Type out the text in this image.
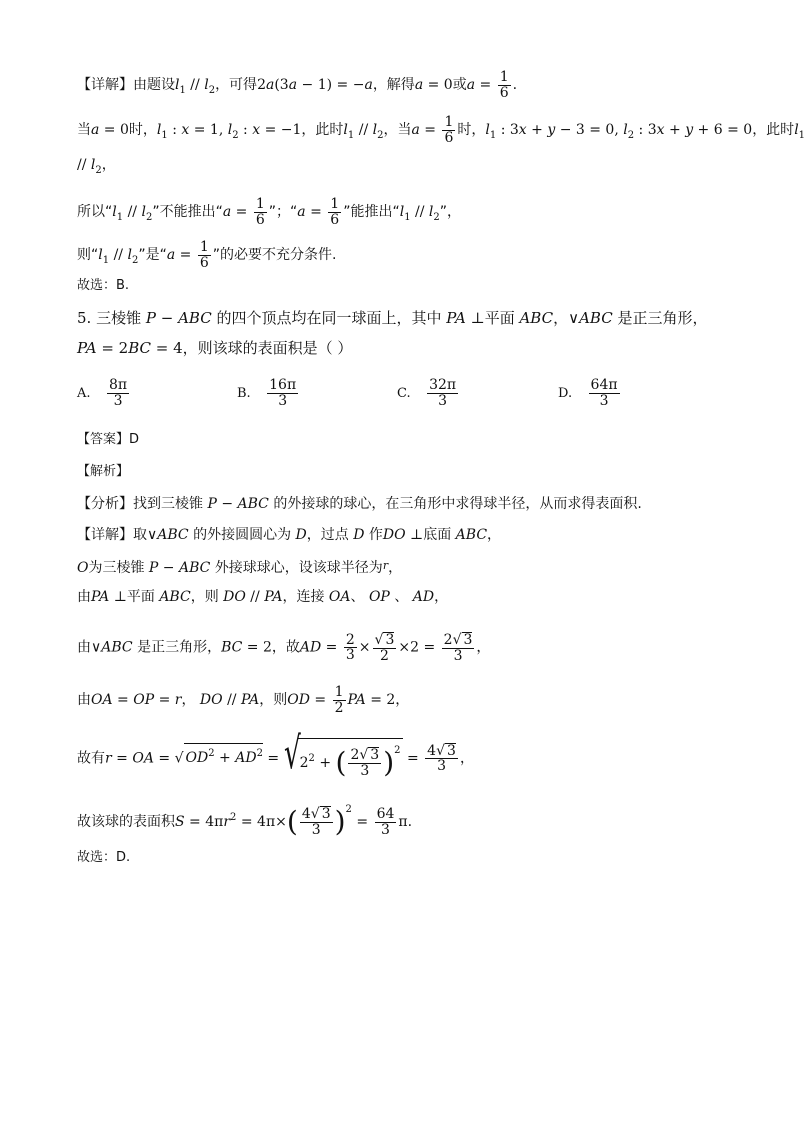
【详解】由题设$l_1 // l_2$，可得2a(3a − 1) = −a，解得a = 0或$a = \frac{1}{6}$ .
当a = 0时，$l_1$ : x = 1, $l_2$ : x = −1，此时$l_1 // l_2$，当$a = \frac{1}{6}$ 时，$l_1$ : 3x + y − 3 = 0, $l_2$ : 3x + y + 6 = 0，此时$l_1$
// $l_2$，
所以“$l_1 // l_2$”不能推出“$a = \frac{1}{6}$ ”；“$a = \frac{1}{6}$ ”能推出“$l_1 // l_2$”，
则“$l_1 // l_2$”是“$a = \frac{1}{6}$ ”的必要不充分条件.
故选：B.
5. 三棱锥 P − ABC 的四个顶点均在同一球面上，其中 PA ⊥平面 ABC，∨ABC 是正三角形，
PA = 2BC = 4，则该球的表面积是（ ）
A. $\frac{8\pi}{3}$	B. $\frac{16\pi}{3}$	C. $\frac{32\pi}{3}$	D. $\frac{64\pi}{3}$
【答案】D
【解析】
【分析】找到三棱锥 P − ABC 的外接球的球心，在三角形中求得球半径，从而求得表面积.
【详解】取∨ABC 的外接圆圆心为 D，过点 D 作DO ⊥底面 ABC，
O为三棱锥 P − ABC 外接球球心，设该球半径为$^r$，
由PA ⊥平面 ABC，则 DO // PA，连接 OA、 OP 、 AD，
由∨ABC 是正三角形，BC = 2，故AD = $\frac{2}{3} \times \frac{√ 3}{2} \times 2 = \frac{2√ 3}{3}$ ，
由OA = OP = r， DO // PA，则OD = $\frac{1}{2}$ PA = 2，
故有r = OA = √ $OD^2 + AD^2$ = √ $2^2$ + ( $\frac{2√ 3}{3} )^2 = \frac{4√ 3}{3}$ ，
故该球的表面积$S = 4\pi r^2 = 4\pi\times( \frac{4√ 3}{3} )^2 = \frac{64}{3} \pi$.
故选：D.
